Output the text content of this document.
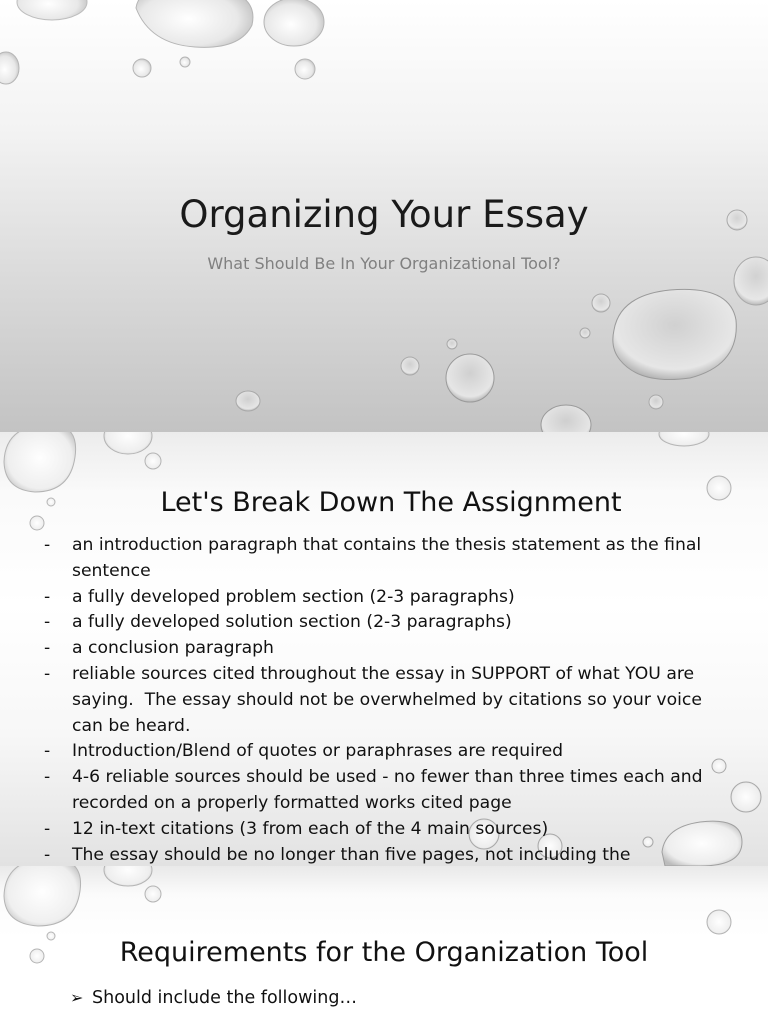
Organizing Your Essay

What Should Be In Your Organizational Tool?

Let's Break Down The Assignment
- an introduction paragraph that contains the thesis statement as the final sentence
- a fully developed problem section (2-3 paragraphs)
- a fully developed solution section (2-3 paragraphs)
- a conclusion paragraph
- reliable sources cited throughout the essay in SUPPORT of what YOU are saying.  The essay should not be overwhelmed by citations so your voice can be heard.
- Introduction/Blend of quotes or paraphrases are required
- 4-6 reliable sources should be used - no fewer than three times each and recorded on a properly formatted works cited page
- 12 in-text citations (3 from each of the 4 main sources)
- The essay should be no longer than five pages, not including the
Requirements for the Organization Tool
➢ Should include the following…
